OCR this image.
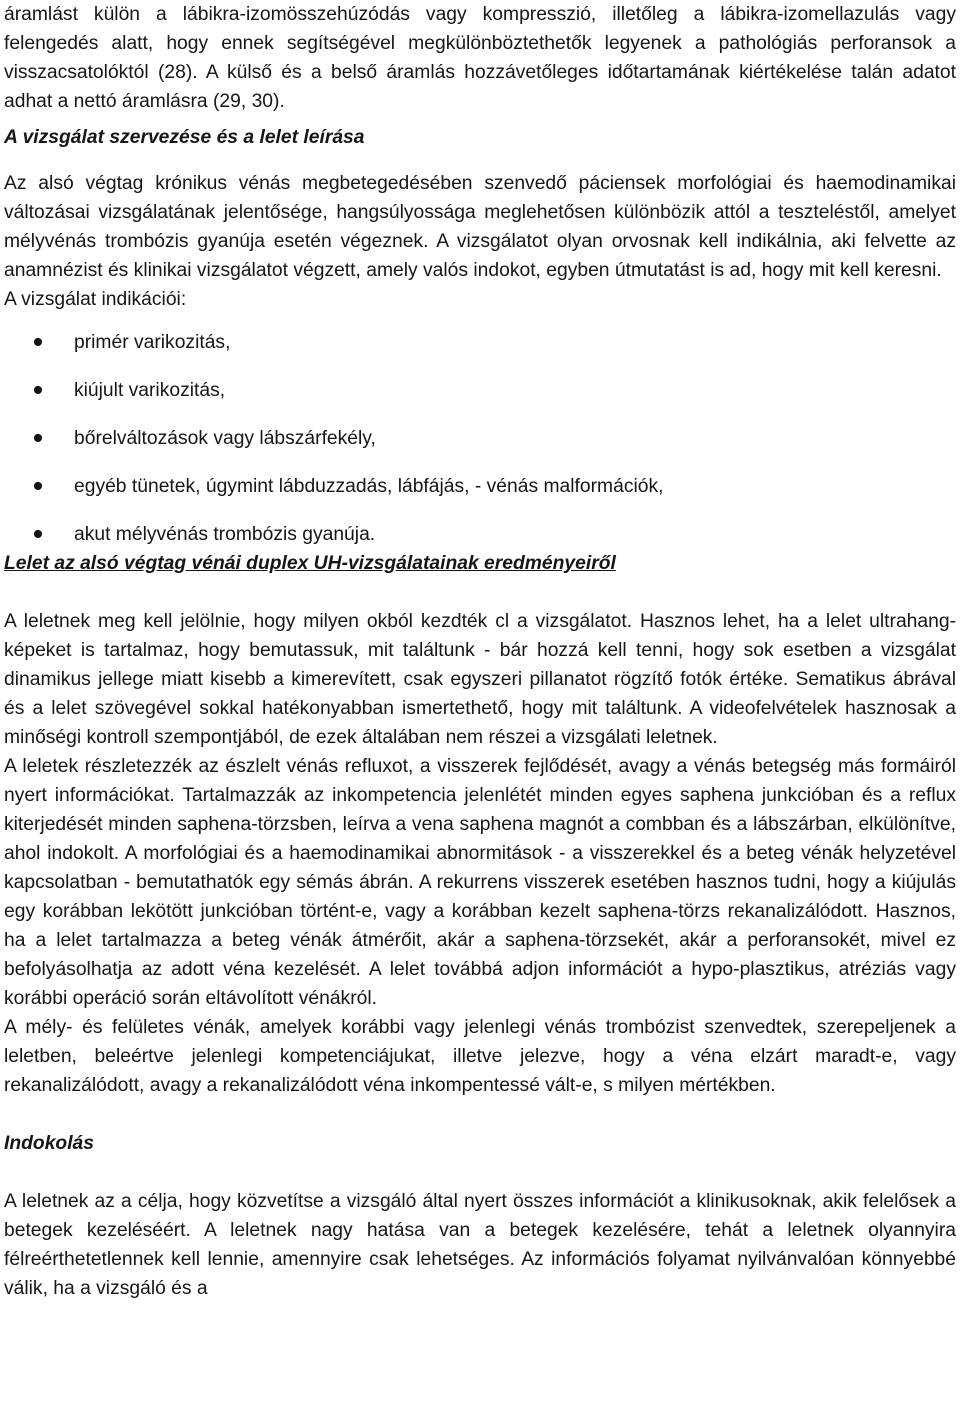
áramlást külön a lábikra-izomösszehúzódás vagy kompresszió, illetőleg a lábikra-izomellazulás vagy felengedés alatt, hogy ennek segítségével megkülönböztethetők legyenek a pathológiás perforansok a visszacsatolóktól (28). A külső és a belső áramlás hozzávetőleges időtartamának kiértékelése talán adatot adhat a nettó áramlásra (29, 30).

A vizsgálat szervezése és a lelet leírása

Az alsó végtag krónikus vénás megbetegedésében szenvedő páciensek morfológiai és haemodinamikai változásai vizsgálatának jelentősége, hangsúlyossága meglehetősen különbözik attól a teszteléstől, amelyet mélyvénás trombózis gyanúja esetén végeznek. A vizsgálatot olyan orvosnak kell indikálnia, aki felvette az anamnézist és klinikai vizsgálatot végzett, amely valós indokot, egyben útmutatást is ad, hogy mit kell keresni.

A vizsgálat indikációi:

primér varikozitás,
kiújult varikozitás,
bőrelváltozások vagy lábszárfekély,
egyéb tünetek, úgymint lábduzzadás, lábfájás, - vénás malformációk,
akut mélyvénás trombózis gyanúja.

Lelet az alsó végtag vénái duplex UH-vizsgálatainak eredményeiről

A leletnek meg kell jelölnie, hogy milyen okból kezdték cl a vizsgálatot. Hasznos lehet, ha a lelet ultrahang-képeket is tartalmaz, hogy bemutassuk, mit találtunk - bár hozzá kell tenni, hogy sok esetben a vizsgálat dinamikus jellege miatt kisebb a kimerevített, csak egyszeri pillanatot rögzítő fotók értéke. Sematikus ábrával és a lelet szövegével sokkal hatékonyabban ismertethető, hogy mit találtunk. A videofelvételek hasznosak a minőségi kontroll szempontjából, de ezek általában nem részei a vizsgálati leletnek.

A leletek részletezzék az észlelt vénás refluxot, a visszerek fejlődését, avagy a vénás betegség más formáiról nyert információkat. Tartalmazzák az inkompetencia jelenlétét minden egyes saphena junkcióban és a reflux kiterjedését minden saphena-törzsben, leírva a vena saphena magnót a combban és a lábszárban, elkülönítve, ahol indokolt. A morfológiai és a haemodinamikai abnormitások - a visszerekkel és a beteg vénák helyzetével kapcsolatban - bemutathatók egy sémás ábrán. A rekurrens visszerek esetében hasznos tudni, hogy a kiújulás egy korábban lekötött junkcióban történt-e, vagy a korábban kezelt saphena-törzs rekanalizálódott. Hasznos, ha a lelet tartalmazza a beteg vénák átmérőit, akár a saphena-törzsekét, akár a perforansokét, mivel ez befolyásolhatja az adott véna kezelését. A lelet továbbá adjon információt a hypo-plasztikus, atréziás vagy korábbi operáció során eltávolított vénákról.

A mély- és felületes vénák, amelyek korábbi vagy jelenlegi vénás trombózist szenvedtek, szerepeljenek a leletben, beleértve jelenlegi kompetenciájukat, illetve jelezve, hogy a véna elzárt maradt-e, vagy rekanalizálódott, avagy a rekanalizálódott véna inkompentessé vált-e, s milyen mértékben.

Indokolás

A leletnek az a célja, hogy közvetítse a vizsgáló által nyert összes információt a klinikusoknak, akik felelősek a betegek kezeléséért. A leletnek nagy hatása van a betegek kezelésére, tehát a leletnek olyannyira félreérthetetlennek kell lennie, amennyire csak lehetséges. Az információs folyamat nyilvánvalóan könnyebbé válik, ha a vizsgáló és a
